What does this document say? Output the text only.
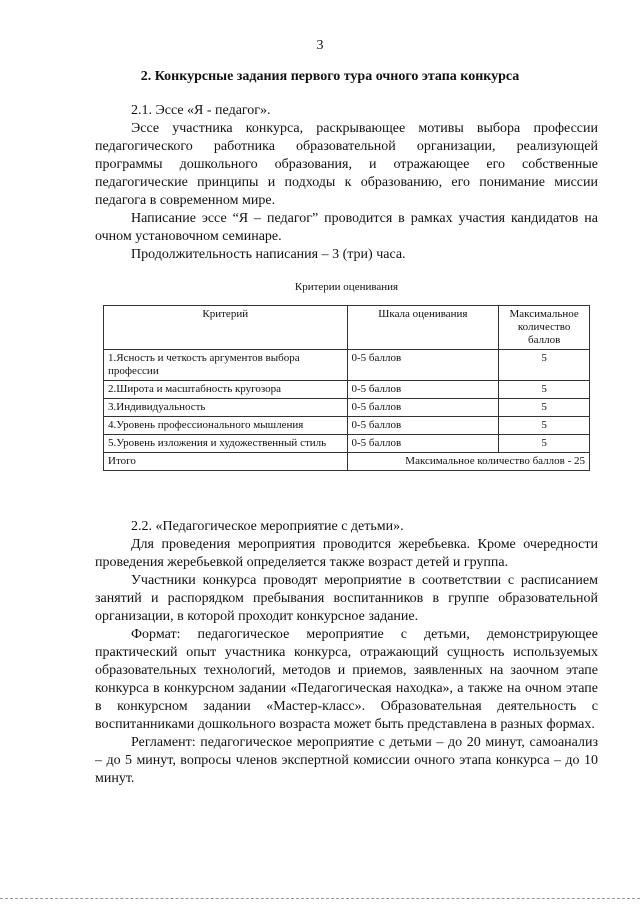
3
2. Конкурсные задания первого тура очного этапа конкурса
2.1. Эссе «Я - педагог».
Эссе участника конкурса, раскрывающее мотивы выбора профессии педагогического работника образовательной организации, реализующей программы дошкольного образования, и отражающее его собственные педагогические принципы и подходы к образованию, его понимание миссии педагога в современном мире.
Написание эссе “Я – педагог” проводится в рамках участия кандидатов на очном установочном семинаре.
Продолжительность написания – 3 (три) часа.
Критерии оценивания
Критерий	Шкала оценивания	Максимальное количество баллов
1.Ясность и четкость аргументов выбора профессии	0-5 баллов	5
2.Широта и масштабность кругозора	0-5 баллов	5
3.Индивидуальность	0-5 баллов	5
4.Уровень профессионального мышления	0-5 баллов	5
5.Уровень изложения и художественный стиль	0-5 баллов	5
Итого	Максимальное количество баллов - 25	
2.2. «Педагогическое мероприятие с детьми».
Для проведения мероприятия проводится жеребьевка. Кроме очередности проведения жеребьевкой определяется также возраст детей и группа.
Участники конкурса проводят мероприятие в соответствии с расписанием занятий и распорядком пребывания воспитанников в группе образовательной организации, в которой проходит конкурсное задание.
Формат: педагогическое мероприятие с детьми, демонстрирующее практический опыт участника конкурса, отражающий сущность используемых образовательных технологий, методов и приемов, заявленных на заочном этапе конкурса в конкурсном задании «Педагогическая находка», а также на очном этапе в конкурсном задании «Мастер-класс». Образовательная деятельность с воспитанниками дошкольного возраста может быть представлена в разных формах.
Регламент: педагогическое мероприятие с детьми – до 20 минут, самоанализ – до 5 минут, вопросы членов экспертной комиссии очного этапа конкурса – до 10 минут.
